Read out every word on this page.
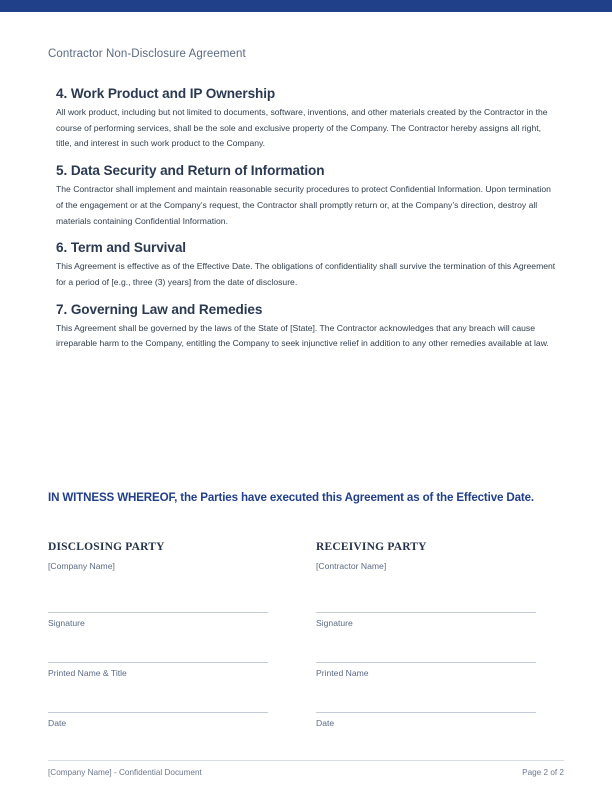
Contractor Non-Disclosure Agreement
4. Work Product and IP Ownership

All work product, including but not limited to documents, software, inventions, and other materials created by the Contractor in the course of performing services, shall be the sole and exclusive property of the Company. The Contractor hereby assigns all right, title, and interest in such work product to the Company.

5. Data Security and Return of Information

The Contractor shall implement and maintain reasonable security procedures to protect Confidential Information. Upon termination of the engagement or at the Company’s request, the Contractor shall promptly return or, at the Company’s direction, destroy all materials containing Confidential Information.

6. Term and Survival

This Agreement is effective as of the Effective Date. The obligations of confidentiality shall survive the termination of this Agreement for a period of [e.g., three (3) years] from the date of disclosure.

7. Governing Law and Remedies

This Agreement shall be governed by the laws of the State of [State]. The Contractor acknowledges that any breach will cause irreparable harm to the Company, entitling the Company to seek injunctive relief in addition to any other remedies available at law.

IN WITNESS WHEREOF, the Parties have executed this Agreement as of the Effective Date.

DISCLOSING PARTY

[Company Name]

Signature

Printed Name & Title

Date

RECEIVING PARTY

[Contractor Name]

Signature

Printed Name

Date

[Company Name] - Confidential Document	Page 2 of 2
